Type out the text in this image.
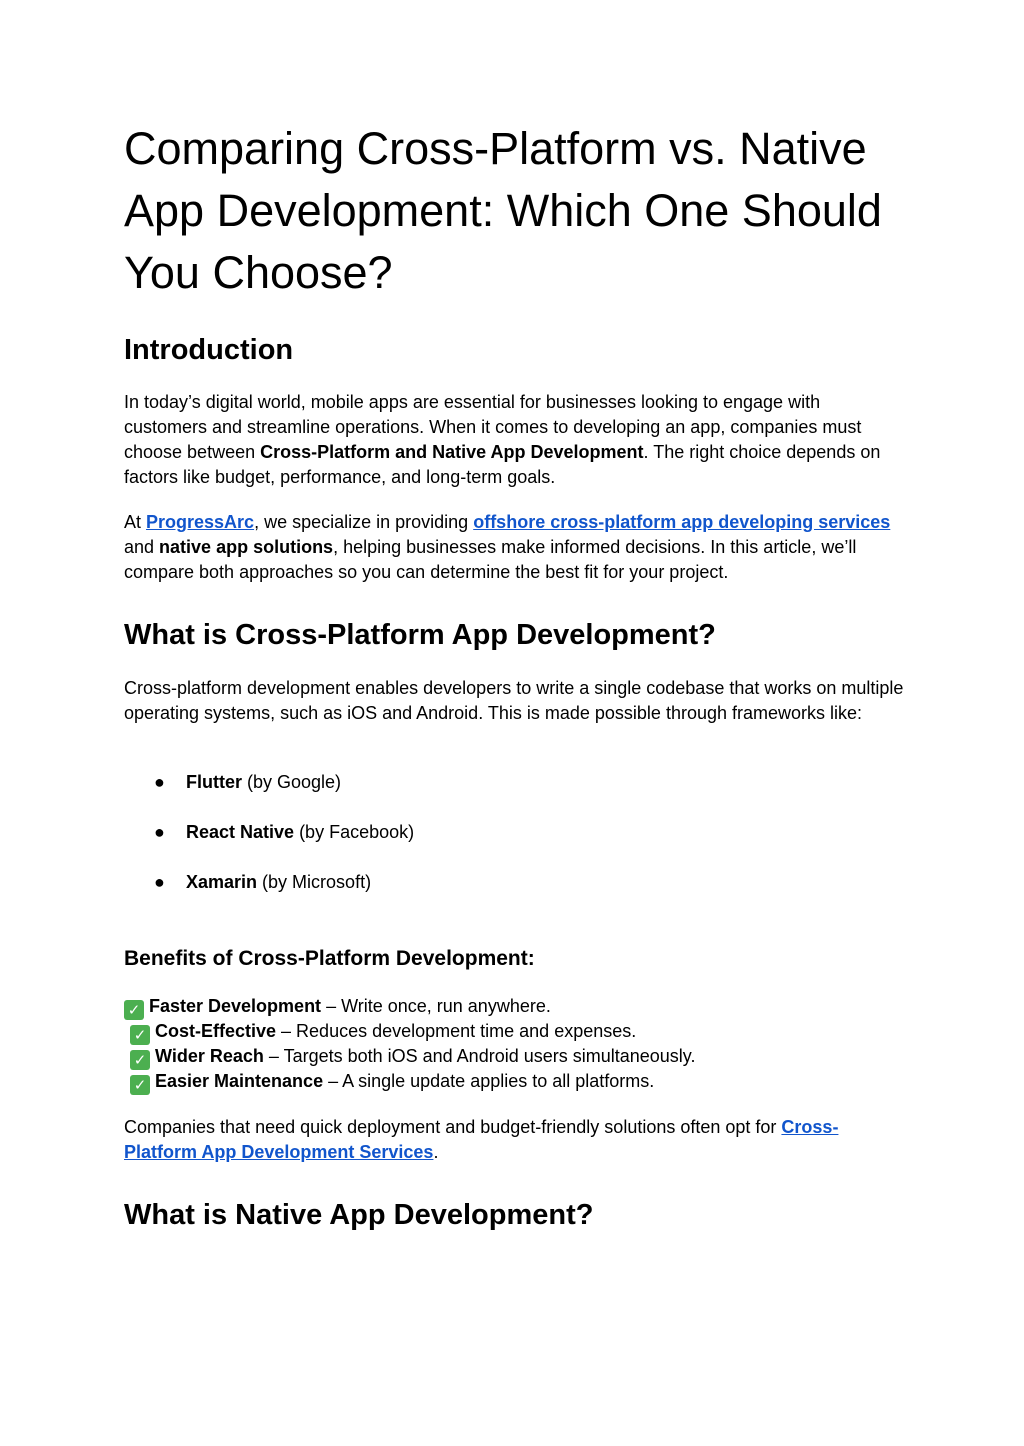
Comparing Cross-Platform vs. Native App Development: Which One Should You Choose?
Introduction

In today’s digital world, mobile apps are essential for businesses looking to engage with customers and streamline operations. When it comes to developing an app, companies must choose between Cross-Platform and Native App Development. The right choice depends on factors like budget, performance, and long-term goals.

At ProgressArc, we specialize in providing offshore cross-platform app developing services and native app solutions, helping businesses make informed decisions. In this article, we’ll compare both approaches so you can determine the best fit for your project.

What is Cross-Platform App Development?

Cross-platform development enables developers to write a single codebase that works on multiple operating systems, such as iOS and Android. This is made possible through frameworks like:

● Flutter (by Google)
● React Native (by Facebook)
● Xamarin (by Microsoft)
Benefits of Cross-Platform Development:
✓ Faster Development – Write once, run anywhere.
✓ Cost-Effective – Reduces development time and expenses.
✓ Wider Reach – Targets both iOS and Android users simultaneously.
✓ Easier Maintenance – A single update applies to all platforms.

Companies that need quick deployment and budget-friendly solutions often opt for Cross-Platform App Development Services.

What is Native App Development?
